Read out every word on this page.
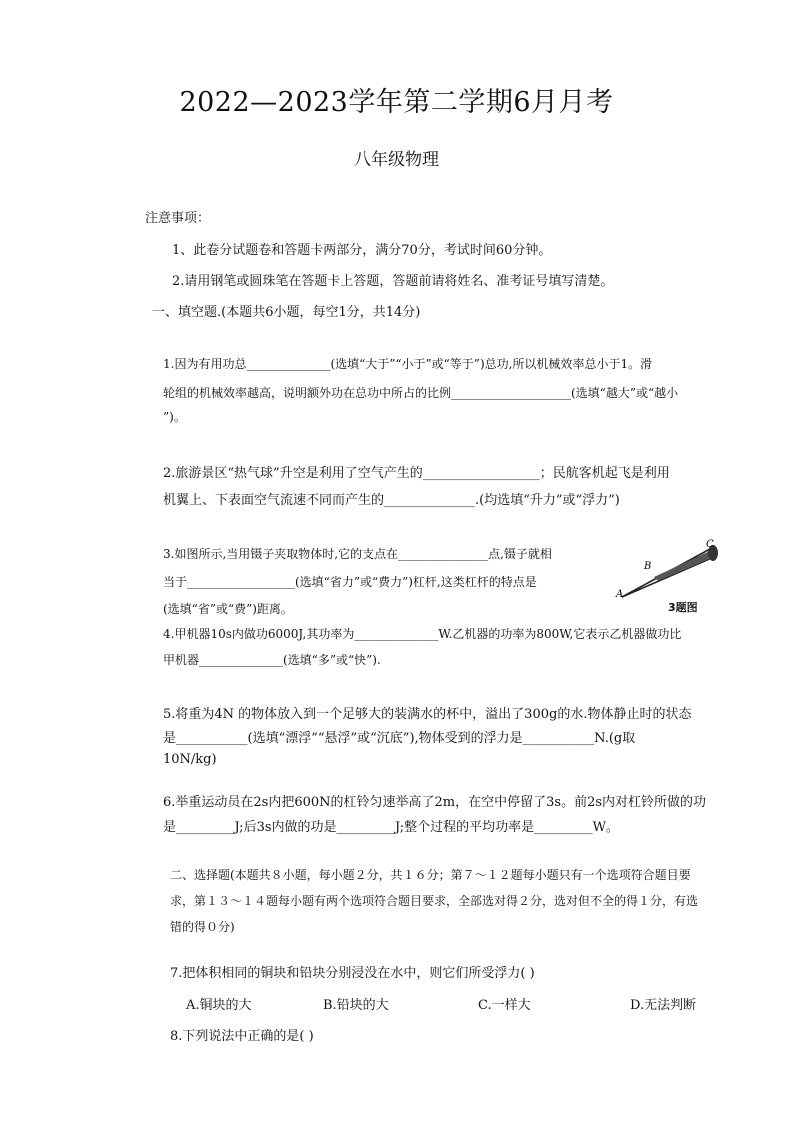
2022—2023学年第二学期6月月考
八年级物理
注意事项：
1、此卷分试题卷和答题卡两部分，满分70分，考试时间60分钟。
2.请用钢笔或圆珠笔在答题卡上答题，答题前请将姓名、准考证号填写清楚。
一、填空题.(本题共6小题，每空1分，共14分)
1.因为有用功总______________(选填“大于”“小于”或“等于”)总功,所以机械效率总小于1。滑
轮组的机械效率越高，说明额外功在总功中所占的比例____________________(选填“越大”或“越小
”)。
2.旅游景区“热气球”升空是利用了空气产生的__________________；民航客机起飞是利用
机翼上、下表面空气流速不同而产生的______________.(均选填“升力”或“浮力”)
3.如图所示,当用镊子夹取物体时,它的支点在_______________点,镊子就相
当于__________________(选填“省力”或“费力”)杠杆,这类杠杆的特点是
(选填“省”或“费”)距离。
A
B
C
3题图
4.甲机器10s内做功6000J,其功率为______________W.乙机器的功率为800W,它表示乙机器做功比
甲机器______________(选填“多”或“快”).
5.将重为4N 的物体放入到一个足够大的装满水的杯中，溢出了300g的水.物体静止时的状态
是___________(选填“漂浮”“悬浮”或“沉底”),物体受到的浮力是___________N.(g取
10N/kg)
6.举重运动员在2s内把600N的杠铃匀速举高了2m，在空中停留了3s。前2s内对杠铃所做的功
是_________J;后3s内做的功是_________J;整个过程的平均功率是_________W。
二、选择题(本题共８小题，每小题２分，共１６分；第７～１２题每小题只有一个选项符合题目要
求，第１３～１４题每小题有两个选项符合题目要求，全部选对得２分，选对但不全的得１分，有选
错的得０分)
7.把体积相同的铜块和铅块分别浸没在水中，则它们所受浮力( )
A.铜块的大	B.铅块的大	C.一样大	D.无法判断
8.下列说法中正确的是( )
